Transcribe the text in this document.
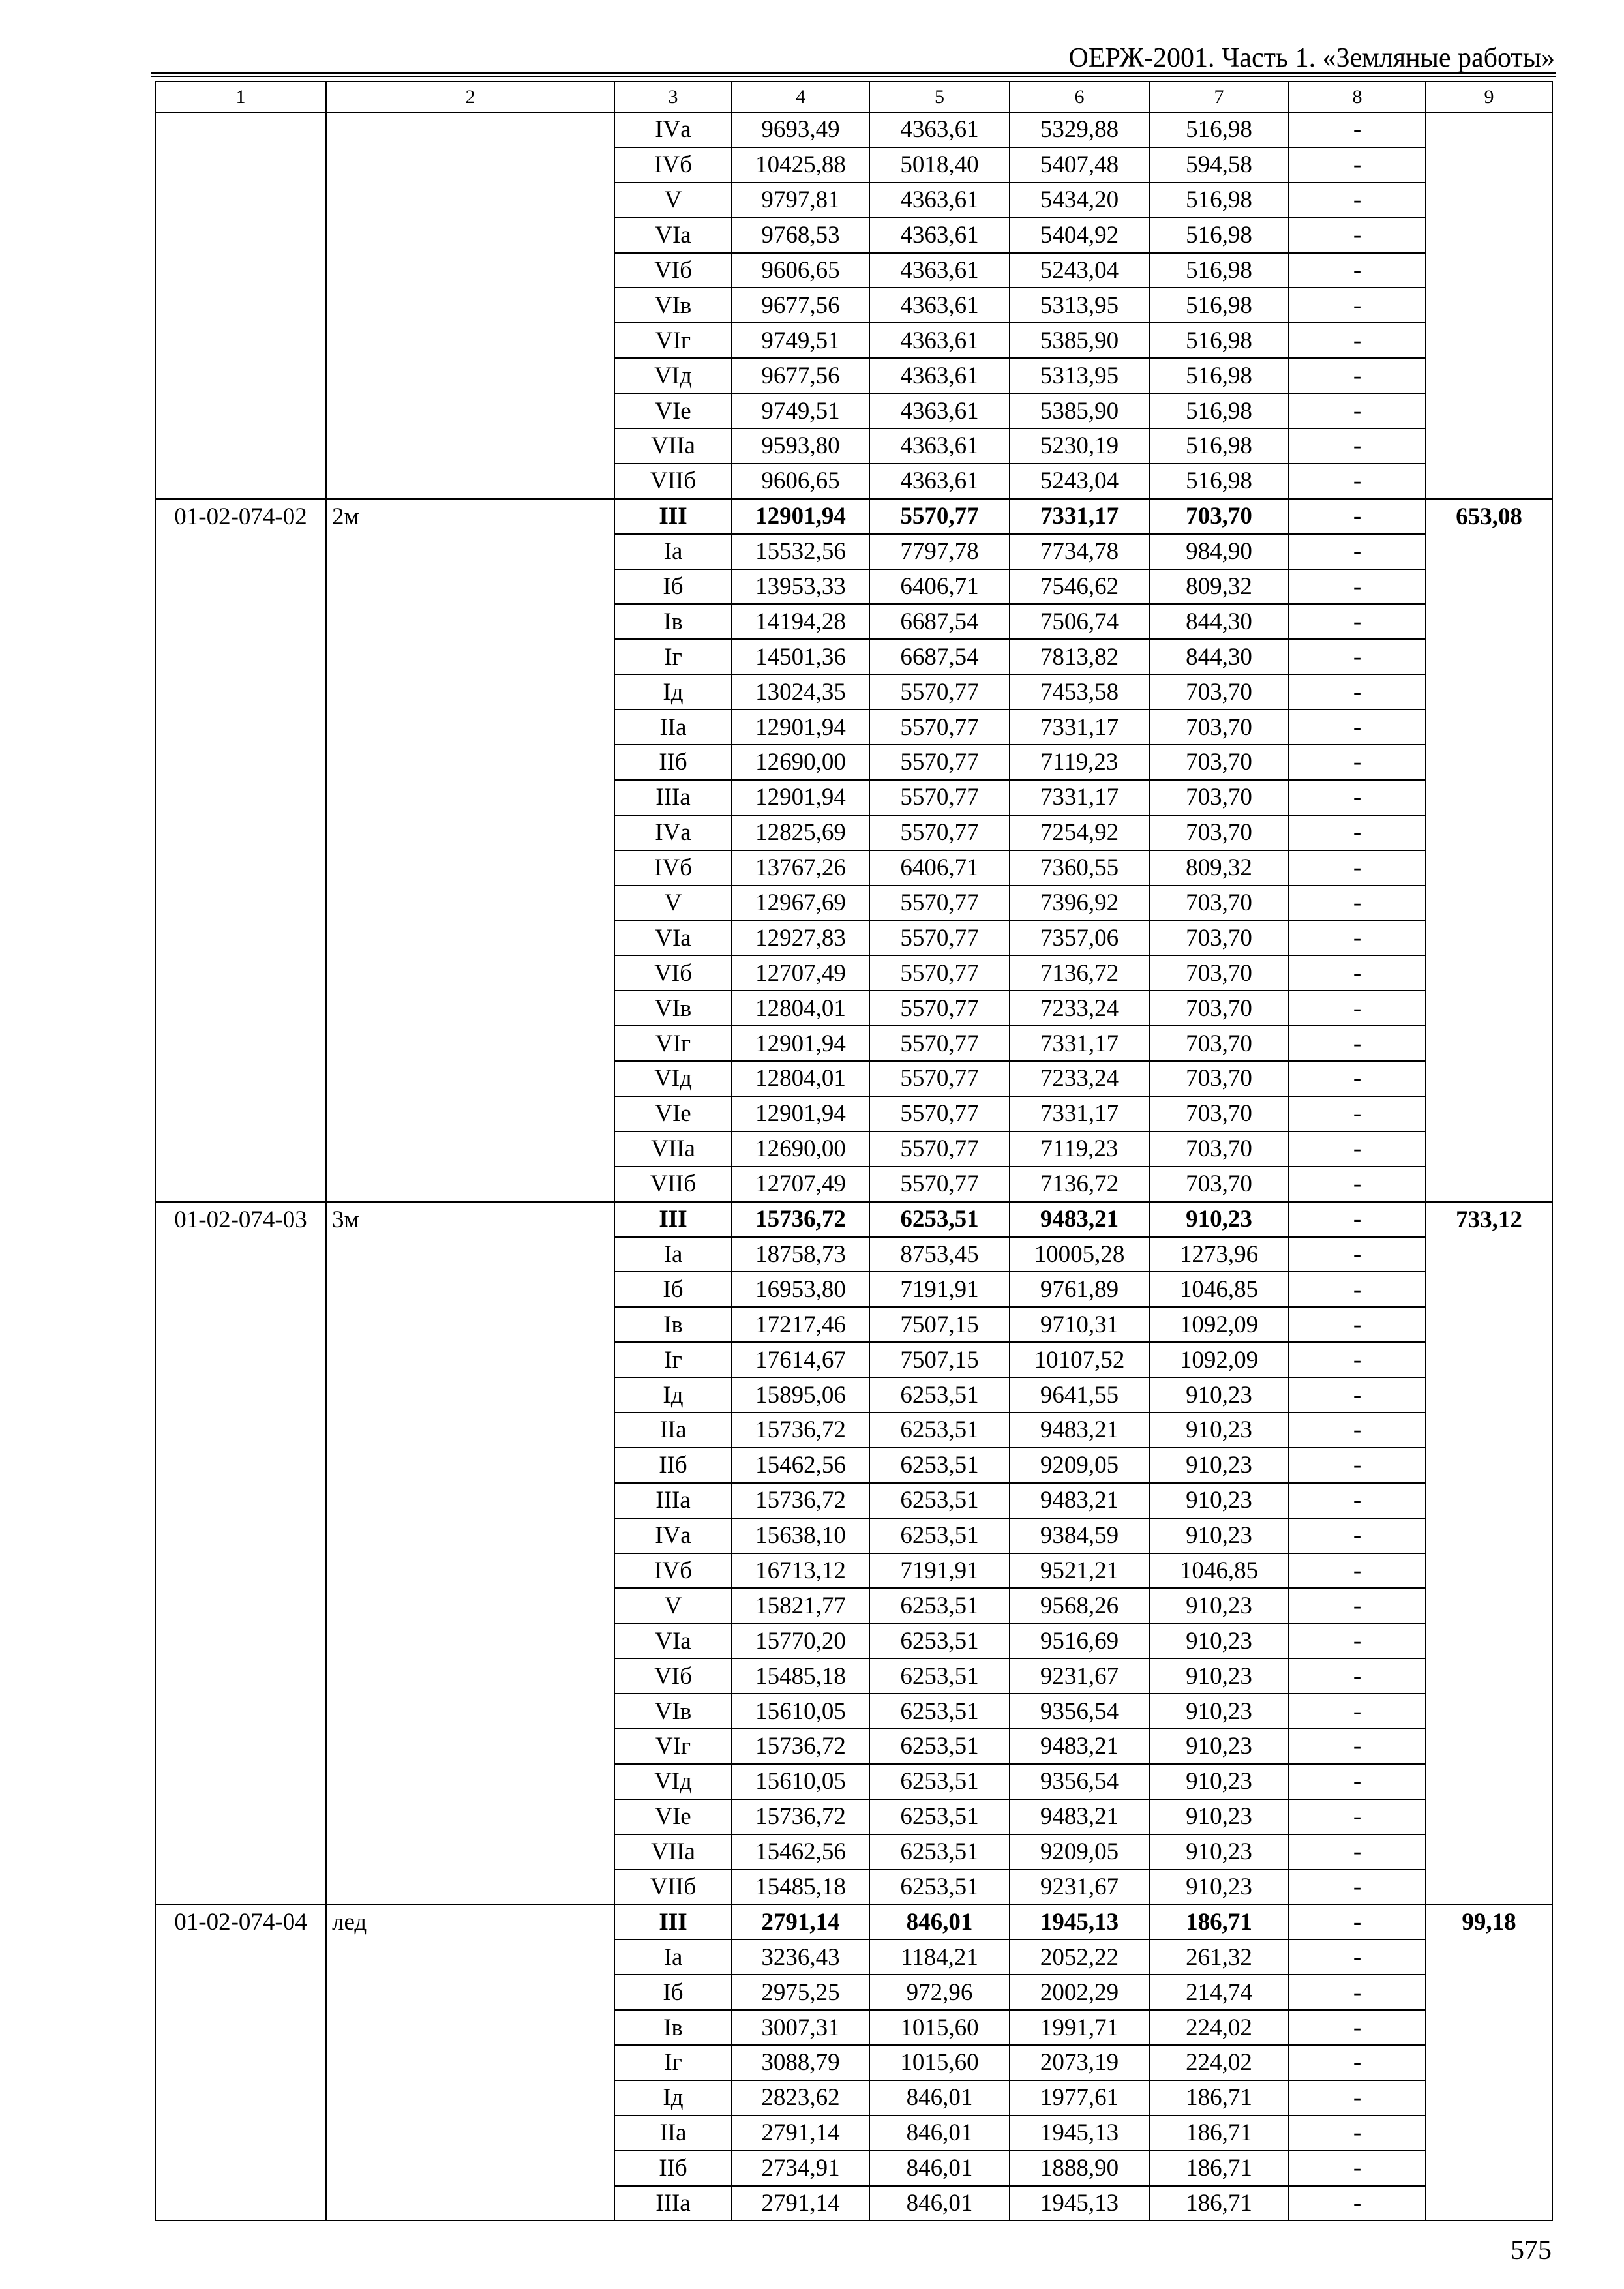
ОЕРЖ-2001. Часть 1. «Земляные работы»
1	2	3	4	5	6	7	8	9
		IVа	9693,49	4363,61	5329,88	516,98	-	
		IVб	10425,88	5018,40	5407,48	594,58	-	
		V	9797,81	4363,61	5434,20	516,98	-	
		VIа	9768,53	4363,61	5404,92	516,98	-	
		VIб	9606,65	4363,61	5243,04	516,98	-	
		VIв	9677,56	4363,61	5313,95	516,98	-	
		VIг	9749,51	4363,61	5385,90	516,98	-	
		VIд	9677,56	4363,61	5313,95	516,98	-	
		VIе	9749,51	4363,61	5385,90	516,98	-	
		VIIа	9593,80	4363,61	5230,19	516,98	-	
		VIIб	9606,65	4363,61	5243,04	516,98	-	
01-02-074-02	2м	III	12901,94	5570,77	7331,17	703,70	-	653,08
		Iа	15532,56	7797,78	7734,78	984,90	-	
		Iб	13953,33	6406,71	7546,62	809,32	-	
		Iв	14194,28	6687,54	7506,74	844,30	-	
		Iг	14501,36	6687,54	7813,82	844,30	-	
		Iд	13024,35	5570,77	7453,58	703,70	-	
		IIа	12901,94	5570,77	7331,17	703,70	-	
		IIб	12690,00	5570,77	7119,23	703,70	-	
		IIIа	12901,94	5570,77	7331,17	703,70	-	
		IVа	12825,69	5570,77	7254,92	703,70	-	
		IVб	13767,26	6406,71	7360,55	809,32	-	
		V	12967,69	5570,77	7396,92	703,70	-	
		VIа	12927,83	5570,77	7357,06	703,70	-	
		VIб	12707,49	5570,77	7136,72	703,70	-	
		VIв	12804,01	5570,77	7233,24	703,70	-	
		VIг	12901,94	5570,77	7331,17	703,70	-	
		VIд	12804,01	5570,77	7233,24	703,70	-	
		VIе	12901,94	5570,77	7331,17	703,70	-	
		VIIа	12690,00	5570,77	7119,23	703,70	-	
		VIIб	12707,49	5570,77	7136,72	703,70	-	
01-02-074-03	3м	III	15736,72	6253,51	9483,21	910,23	-	733,12
		Iа	18758,73	8753,45	10005,28	1273,96	-	
		Iб	16953,80	7191,91	9761,89	1046,85	-	
		Iв	17217,46	7507,15	9710,31	1092,09	-	
		Iг	17614,67	7507,15	10107,52	1092,09	-	
		Iд	15895,06	6253,51	9641,55	910,23	-	
		IIа	15736,72	6253,51	9483,21	910,23	-	
		IIб	15462,56	6253,51	9209,05	910,23	-	
		IIIа	15736,72	6253,51	9483,21	910,23	-	
		IVа	15638,10	6253,51	9384,59	910,23	-	
		IVб	16713,12	7191,91	9521,21	1046,85	-	
		V	15821,77	6253,51	9568,26	910,23	-	
		VIа	15770,20	6253,51	9516,69	910,23	-	
		VIб	15485,18	6253,51	9231,67	910,23	-	
		VIв	15610,05	6253,51	9356,54	910,23	-	
		VIг	15736,72	6253,51	9483,21	910,23	-	
		VIд	15610,05	6253,51	9356,54	910,23	-	
		VIе	15736,72	6253,51	9483,21	910,23	-	
		VIIа	15462,56	6253,51	9209,05	910,23	-	
		VIIб	15485,18	6253,51	9231,67	910,23	-	
01-02-074-04	лед	III	2791,14	846,01	1945,13	186,71	-	99,18
		Iа	3236,43	1184,21	2052,22	261,32	-	
		Iб	2975,25	972,96	2002,29	214,74	-	
		Iв	3007,31	1015,60	1991,71	224,02	-	
		Iг	3088,79	1015,60	2073,19	224,02	-	
		Iд	2823,62	846,01	1977,61	186,71	-	
		IIа	2791,14	846,01	1945,13	186,71	-	
		IIб	2734,91	846,01	1888,90	186,71	-	
		IIIа	2791,14	846,01	1945,13	186,71	-	
575
